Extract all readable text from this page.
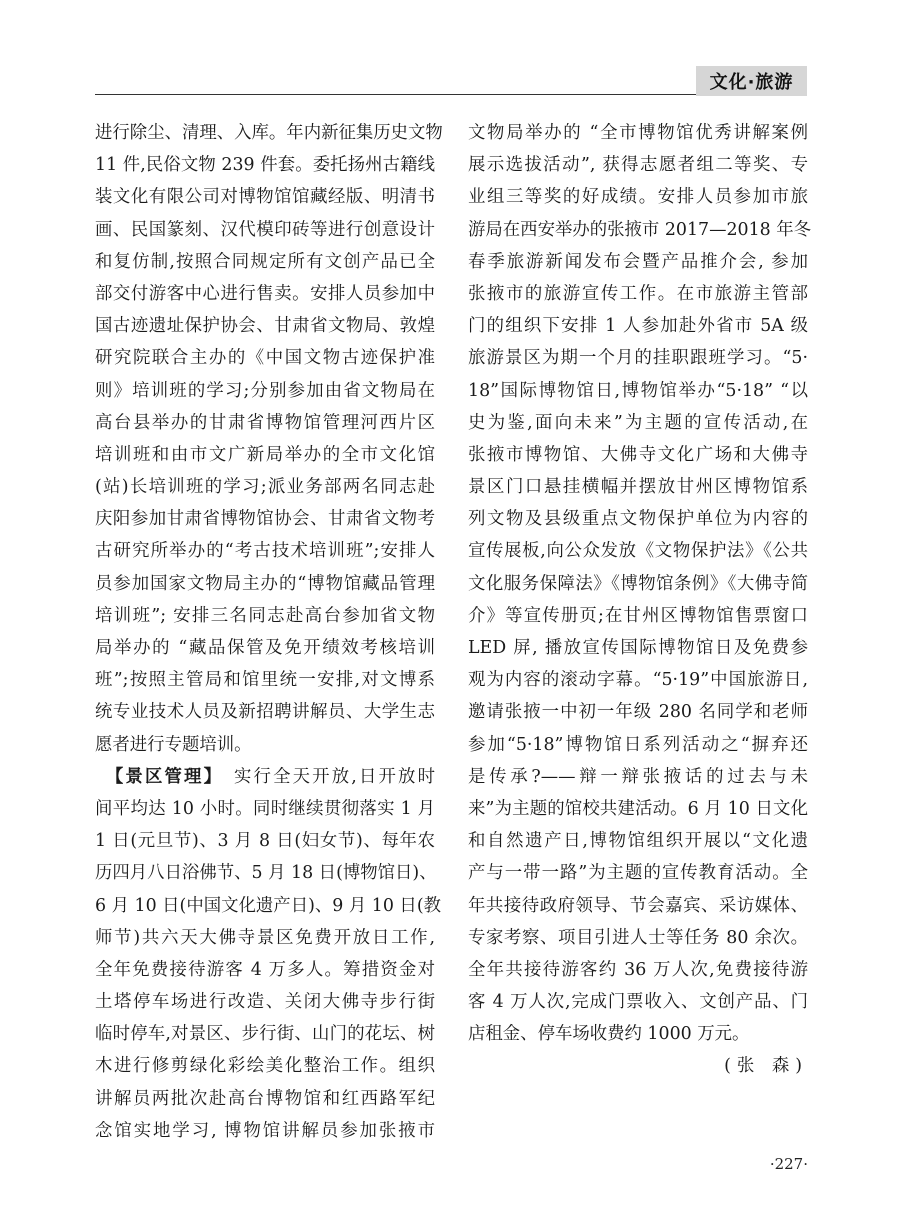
文化·旅游
进行除尘、清理、入库。年内新征集历史文物
11 件,民俗文物 239 件套。委托扬州古籍线
装文化有限公司对博物馆馆藏经版、明清书
画、民国篆刻、汉代模印砖等进行创意设计
和复仿制,按照合同规定所有文创产品已全
部交付游客中心进行售卖。安排人员参加中
国古迹遗址保护协会、甘肃省文物局、敦煌
研究院联合主办的《中国文物古迹保护准
则》培训班的学习;分别参加由省文物局在
高台县举办的甘肃省博物馆管理河西片区
培训班和由市文广新局举办的全市文化馆
(站)长培训班的学习;派业务部两名同志赴
庆阳参加甘肃省博物馆协会、甘肃省文物考
古研究所举办的“考古技术培训班”;安排人
员参加国家文物局主办的“博物馆藏品管理
培训班”; 安排三名同志赴高台参加省文物
局举办的 “藏品保管及免开绩效考核培训
班”;按照主管局和馆里统一安排,对文博系
统专业技术人员及新招聘讲解员、大学生志
愿者进行专题培训。
　【景区管理】  实行全天开放,日开放时
间平均达 10 小时。同时继续贯彻落实 1 月
1 日(元旦节)、3 月 8 日(妇女节)、每年农
历四月八日浴佛节、5 月 18 日(博物馆日)、
6 月 10 日(中国文化遗产日)、9 月 10 日(教
师节)共六天大佛寺景区免费开放日工作,
全年免费接待游客 4 万多人。筹措资金对
土塔停车场进行改造、关闭大佛寺步行街
临时停车,对景区、步行街、山门的花坛、树
木进行修剪绿化彩绘美化整治工作。组织
讲解员两批次赴高台博物馆和红西路军纪
念馆实地学习, 博物馆讲解员参加张掖市
文物局举办的 “全市博物馆优秀讲解案例
展示选拔活动”, 获得志愿者组二等奖、专
业组三等奖的好成绩。安排人员参加市旅
游局在西安举办的张掖市 2017—2018 年冬
春季旅游新闻发布会暨产品推介会, 参加
张掖市的旅游宣传工作。在市旅游主管部
门的组织下安排 1 人参加赴外省市 5A 级
旅游景区为期一个月的挂职跟班学习。“5·
18”国际博物馆日,博物馆举办“5·18” “以
史为鉴,面向未来”为主题的宣传活动,在
张掖市博物馆、大佛寺文化广场和大佛寺
景区门口悬挂横幅并摆放甘州区博物馆系
列文物及县级重点文物保护单位为内容的
宣传展板,向公众发放《文物保护法》《公共
文化服务保障法》《博物馆条例》《大佛寺简
介》等宣传册页;在甘州区博物馆售票窗口
LED 屏, 播放宣传国际博物馆日及免费参
观为内容的滚动字幕。“5·19”中国旅游日,
邀请张掖一中初一年级 280 名同学和老师
参加“5·18”博物馆日系列活动之“摒弃还
是传承?——辩一辩张掖话的过去与未
来”为主题的馆校共建活动。6 月 10 日文化
和自然遗产日,博物馆组织开展以“文化遗
产与一带一路”为主题的宣传教育活动。全
年共接待政府领导、节会嘉宾、采访媒体、
专家考察、项目引进人士等任务 80 余次。
全年共接待游客约 36 万人次,免费接待游
客 4 万人次,完成门票收入、文创产品、门
店租金、停车场收费约 1000 万元。
(张 森)
·227·
